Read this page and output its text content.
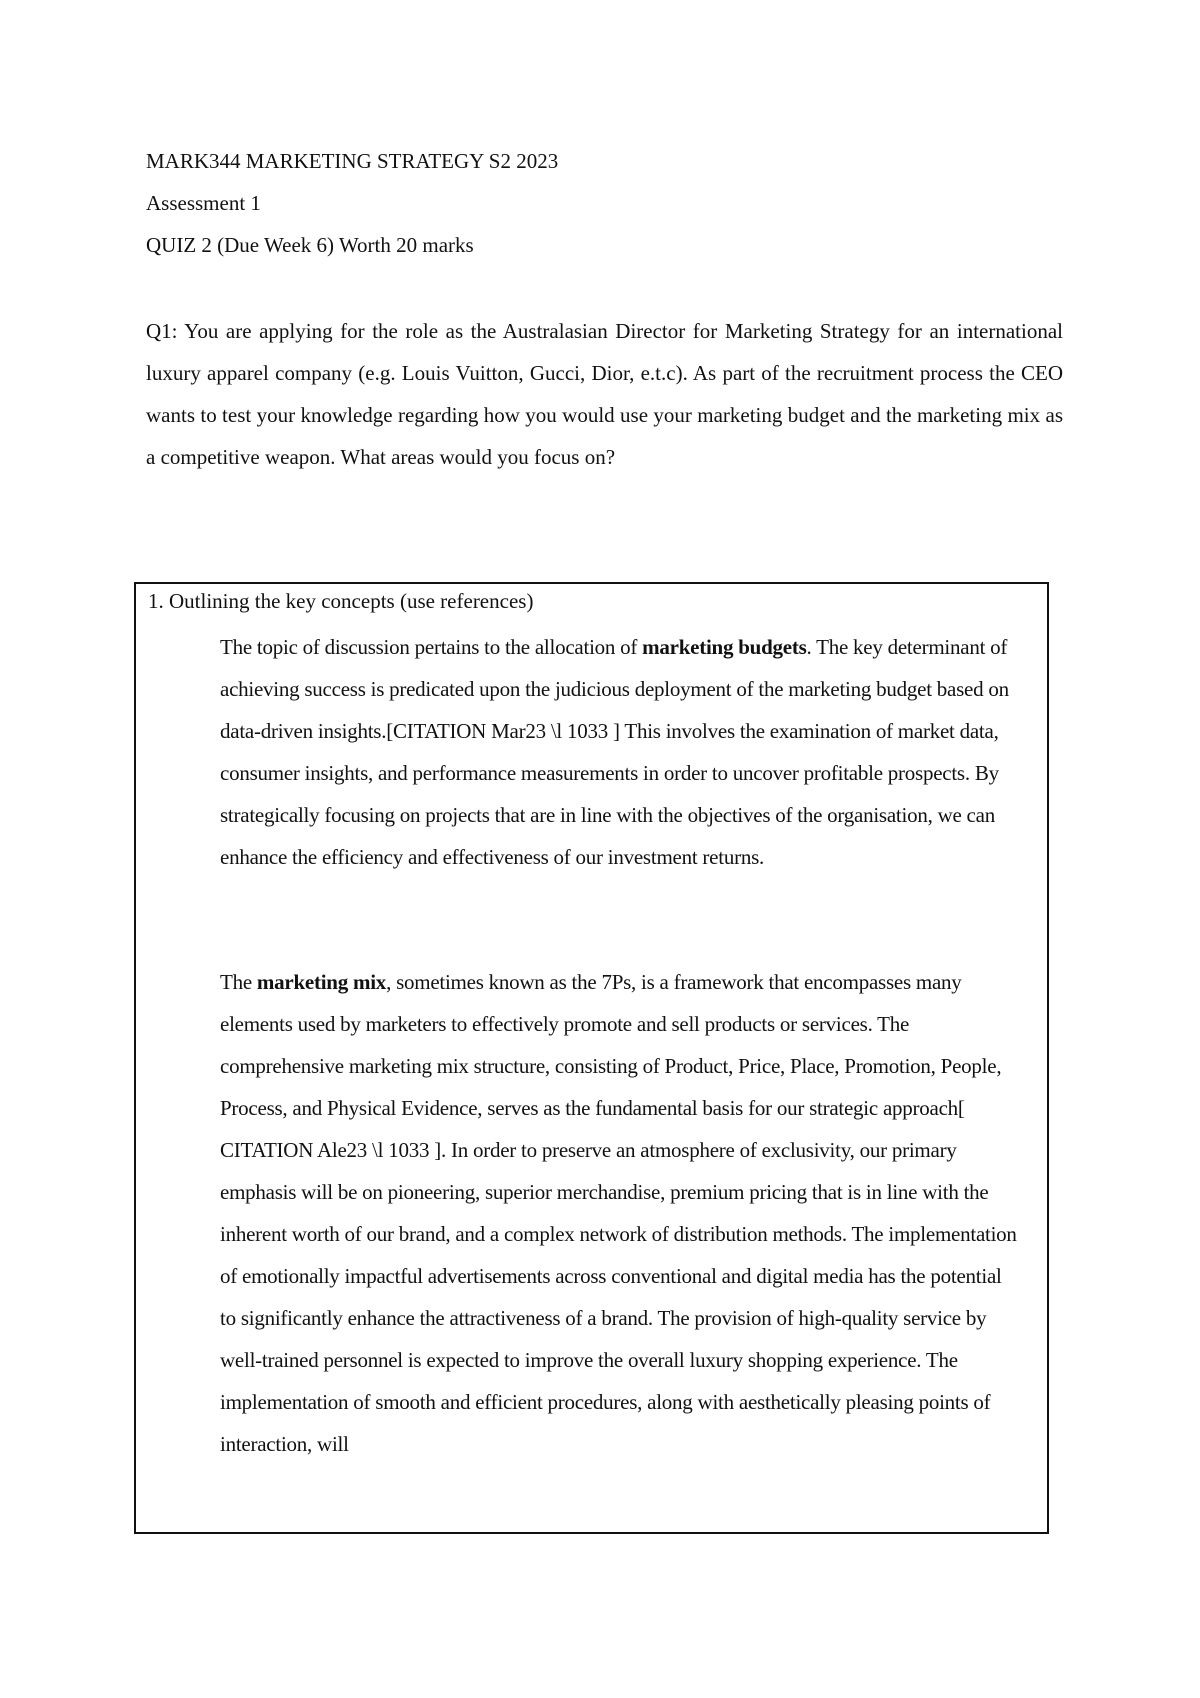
MARK344 MARKETING STRATEGY S2 2023
Assessment 1
QUIZ 2 (Due Week 6) Worth 20 marks
Q1: You are applying for the role as the Australasian Director for Marketing Strategy for an international luxury apparel company (e.g. Louis Vuitton, Gucci, Dior, e.t.c). As part of the recruitment process the CEO wants to test your knowledge regarding how you would use your marketing budget and the marketing mix as a competitive weapon. What areas would you focus on?
1. Outlining the key concepts (use references)
The topic of discussion pertains to the allocation of marketing budgets. The key determinant of achieving success is predicated upon the judicious deployment of the marketing budget based on data-driven insights.[CITATION Mar23 \l 1033 ] This involves the examination of market data, consumer insights, and performance measurements in order to uncover profitable prospects. By strategically focusing on projects that are in line with the objectives of the organisation, we can enhance the efficiency and effectiveness of our investment returns.
The marketing mix, sometimes known as the 7Ps, is a framework that encompasses many elements used by marketers to effectively promote and sell products or services. The comprehensive marketing mix structure, consisting of Product, Price, Place, Promotion, People, Process, and Physical Evidence, serves as the fundamental basis for our strategic approach[ CITATION Ale23 \l 1033 ]. In order to preserve an atmosphere of exclusivity, our primary emphasis will be on pioneering, superior merchandise, premium pricing that is in line with the inherent worth of our brand, and a complex network of distribution methods. The implementation of emotionally impactful advertisements across conventional and digital media has the potential to significantly enhance the attractiveness of a brand. The provision of high-quality service by well-trained personnel is expected to improve the overall luxury shopping experience. The implementation of smooth and efficient procedures, along with aesthetically pleasing points of interaction, will
